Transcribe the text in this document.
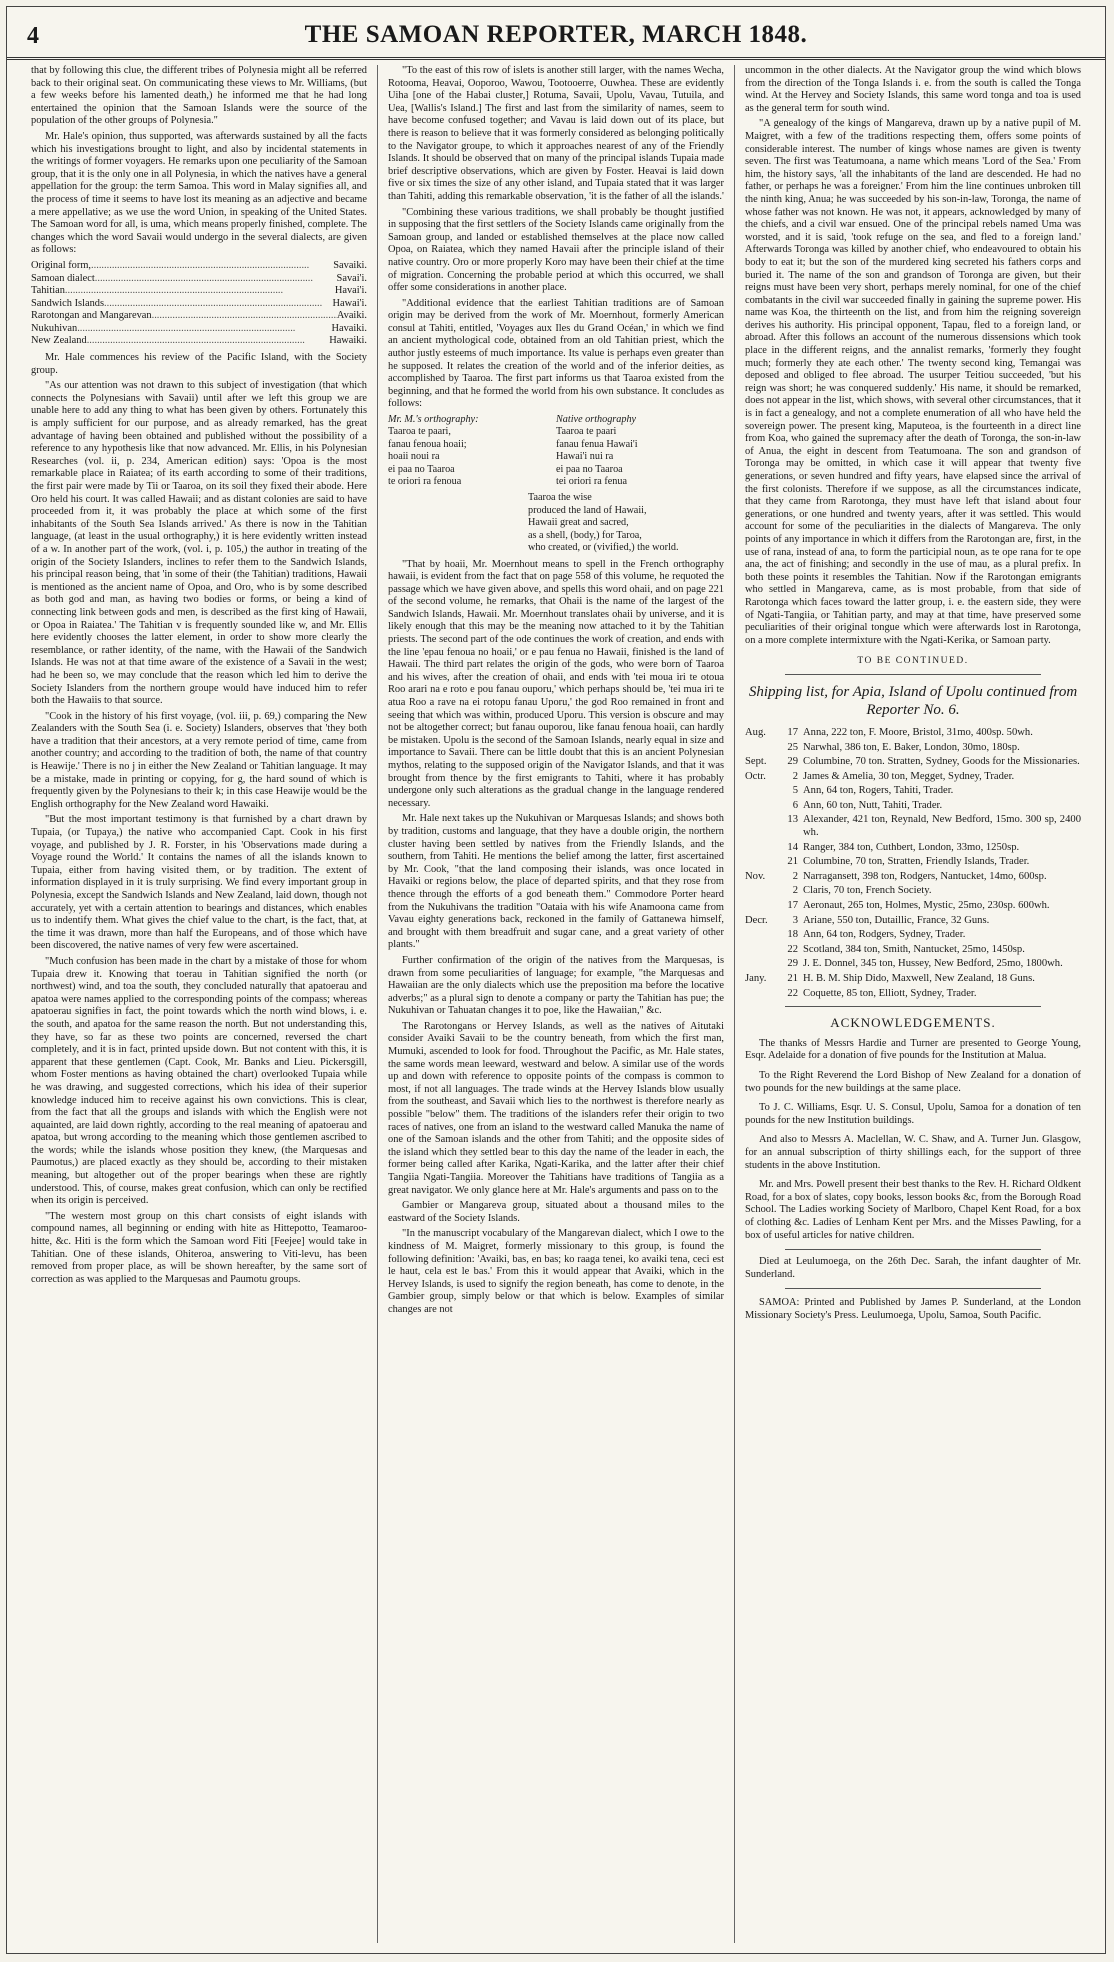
4	THE SAMOAN REPORTER, MARCH 1848.

that by following this clue, the different tribes of Polynesia might all be referred back to their original seat. On communicating these views to Mr. Williams, (but a few weeks before his lamented death,) he informed me that he had long entertained the opinion that the Samoan Islands were the source of the population of the other groups of Polynesia."

Mr. Hale's opinion, thus supported, was afterwards sustained by all the facts which his investigations brought to light, and also by incidental statements in the writings of former voyagers. He remarks upon one peculiarity of the Samoan group, that it is the only one in all Polynesia, in which the natives have a general appellation for the group: the term Samoa. This word in Malay signifies all, and the process of time it seems to have lost its meaning as an adjective and became a mere appellative; as we use the word Union, in speaking of the United States. The Samoan word for all, is uma, which means properly finished, complete. The changes which the word Savaii would undergo in the several dialects, are given as follows:

Original form, .....	Savaiki.
Samoan dialect .....	Savai'i.
Tahitian .....	Havai'i.
Sandwich Islands .....	Hawai'i.
Rarotongan and Mangarevan .....	Avaiki.
Nukuhivan .....	Havaiki.
New Zealand .....	Hawaiki.

Mr. Hale commences his review of the Pacific Island, with the Society group.

"As our attention was not drawn to this subject of investigation (that which connects the Polynesians with Savaii) until after we left this group we are unable here to add any thing to what has been given by others. Fortunately this is amply sufficient for our purpose, and as already remarked, has the great advantage of having been obtained and published without the possibility of a reference to any hypothesis like that now advanced. Mr. Ellis, in his Polynesian Researches (vol. ii, p. 234, American edition) says: 'Opoa is the most remarkable place in Raiatea; of its earth according to some of their traditions, the first pair were made by Tii or Taaroa, on its soil they fixed their abode. Here Oro held his court. It was called Hawaii; and as distant colonies are said to have proceeded from it, it was probably the place at which some of the first inhabitants of the South Sea Islands arrived.' As there is now in the Tahitian language, (at least in the usual orthography,) it is here evidently written instead of a w. In another part of the work, (vol. i, p. 105,) the author in treating of the origin of the Society Islanders, inclines to refer them to the Sandwich Islands, his principal reason being, that 'in some of their (the Tahitian) traditions, Hawaii is mentioned as the ancient name of Opoa, and Oro, who is by some described as both god and man, as having two bodies or forms, or being a kind of connecting link between gods and men, is described as the first king of Hawaii, or Opoa in Raiatea.' The Tahitian v is frequently sounded like w, and Mr. Ellis here evidently chooses the latter element, in order to show more clearly the resemblance, or rather identity, of the name, with the Hawaii of the Sandwich Islands. He was not at that time aware of the existence of a Savaii in the west; had he been so, we may conclude that the reason which led him to derive the Society Islanders from the northern groupe would have induced him to refer both the Hawaiis to that source.

"Cook in the history of his first voyage, (vol. iii, p. 69,) comparing the New Zealanders with the South Sea (i. e. Society) Islanders, observes that 'they both have a tradition that their ancestors, at a very remote period of time, came from another country; and according to the tradition of both, the name of that country is Heawije.' There is no j in either the New Zealand or Tahitian language. It may be a mistake, made in printing or copying, for g, the hard sound of which is frequently given by the Polynesians to their k; in this case Heawije would be the English orthography for the New Zealand word Hawaiki.

"But the most important testimony is that furnished by a chart drawn by Tupaia, (or Tupaya,) the native who accompanied Capt. Cook in his first voyage, and published by J. R. Forster, in his 'Observations made during a Voyage round the World.' It contains the names of all the islands known to Tupaia, either from having visited them, or by tradition. The extent of information displayed in it is truly surprising. We find every important group in Polynesia, except the Sandwich Islands and New Zealand, laid down, though not accurately, yet with a certain attention to bearings and distances, which enables us to indentify them. What gives the chief value to the chart, is the fact, that, at the time it was drawn, more than half the Europeans, and of those which have been discovered, the native names of very few were ascertained.

"Much confusion has been made in the chart by a mistake of those for whom Tupaia drew it. Knowing that toerau in Tahitian signified the north (or northwest) wind, and toa the south, they concluded naturally that apatoerau and apatoa were names applied to the corresponding points of the compass; whereas apatoerau signifies in fact, the point towards which the north wind blows, i. e. the south, and apatoa for the same reason the north. But not understanding this, they have, so far as these two points are concerned, reversed the chart completely, and it is in fact, printed upside down. But not content with this, it is apparent that these gentlemen (Capt. Cook, Mr. Banks and Lieu. Pickersgill, whom Foster mentions as having obtained the chart) overlooked Tupaia while he was drawing, and suggested corrections, which his idea of their superior knowledge induced him to receive against his own convictions. This is clear, from the fact that all the groups and islands with which the English were not aquainted, are laid down rightly, according to the real meaning of apatoerau and apatoa, but wrong according to the meaning which those gentlemen ascribed to the words; while the islands whose position they knew, (the Marquesas and Paumotus,) are placed exactly as they should be, according to their mistaken meaning, but altogether out of the proper bearings when these are rightly understood. This, of course, makes great confusion, which can only be rectified when its origin is perceived.

"The western most group on this chart consists of eight islands with compound names, all beginning or ending with hite as Hittepotto, Teamaroo-hitte, &c. Hiti is the form which the Samoan word Fiti [Feejee] would take in Tahitian. One of these islands, Ohiteroa, answering to Viti-levu, has been removed from proper place, as will be shown hereafter, by the same sort of correction as was applied to the Marquesas and Paumotu groups.

"To the east of this row of islets is another still larger, with the names Wecha, Rotooma, Heavai, Ooporoo, Wawou, Tootooerre, Ouwhea. These are evidently Uiha [one of the Habai cluster,] Rotuma, Savaii, Upolu, Vavau, Tutuila, and Uea, [Wallis's Island.] The first and last from the similarity of names, seem to have become confused together; and Vavau is laid down out of its place, but there is reason to believe that it was formerly considered as belonging politically to the Navigator groupe, to which it approaches nearest of any of the Friendly Islands. It should be observed that on many of the principal islands Tupaia made brief descriptive observations, which are given by Foster. Heavai is laid down five or six times the size of any other island, and Tupaia stated that it was larger than Tahiti, adding this remarkable observation, 'it is the father of all the islands.'

"Combining these various traditions, we shall probably be thought justified in supposing that the first settlers of the Society Islands came originally from the Samoan group, and landed or established themselves at the place now called Opoa, on Raiatea, which they named Havaii after the principle island of their native country. Oro or more properly Koro may have been their chief at the time of migration. Concerning the probable period at which this occurred, we shall offer some considerations in another place.

"Additional evidence that the earliest Tahitian traditions are of Samoan origin may be derived from the work of Mr. Moernhout, formerly American consul at Tahiti, entitled, 'Voyages aux Iles du Grand Océan,' in which we find an ancient mythological code, obtained from an old Tahitian priest, which the author justly esteems of much importance. Its value is perhaps even greater than he supposed. It relates the creation of the world and of the inferior deities, as accomplished by Taaroa. The first part informs us that Taaroa existed from the beginning, and that he formed the world from his own substance. It concludes as follows:

Mr. M.'s orthography:	Native orthography
Taaroa te paari,	Taaroa te paari
fanau fenoua hoaii;	fanau fenua Hawai'i
hoaii noui ra	Hawai'i nui ra
ei paa no Taaroa	ei paa no Taaroa
te oriori ra fenoua	tei oriori ra fenua
Taaroa the wise
produced the land of Hawaii,
Hawaii great and sacred,
as a shell, (body,) for Taroa,
who created, or (vivified,) the world.

"That by hoaii, Mr. Moernhout means to spell in the French orthography hawaii, is evident from the fact that on page 558 of this volume, he requoted the passage which we have given above, and spells this word ohaii, and on page 221 of the second volume, he remarks, that Ohaii is the name of the largest of the Sandwich Islands, Hawaii. Mr. Moernhout translates ohaii by universe, and it is likely enough that this may be the meaning now attached to it by the Tahitian priests. The second part of the ode continues the work of creation, and ends with the line 'epau fenoua no hoaii,' or e pau fenua no Hawaii, finished is the land of Hawaii. The third part relates the origin of the gods, who were born of Taaroa and his wives, after the creation of ohaii, and ends with 'tei moua iri te otoua Roo arari na e roto e pou fanau ouporu,' which perhaps should be, 'tei mua iri te atua Roo a rave na ei rotopu fanau Uporu,' the god Roo remained in front and seeing that which was within, produced Uporu. This version is obscure and may not be altogether correct; but fanau ouporou, like fanau fenoua hoaii, can hardly be mistaken. Upolu is the second of the Samoan Islands, nearly equal in size and importance to Savaii. There can be little doubt that this is an ancient Polynesian mythos, relating to the supposed origin of the Navigator Islands, and that it was brought from thence by the first emigrants to Tahiti, where it has probably undergone only such alterations as the gradual change in the language rendered necessary.

Mr. Hale next takes up the Nukuhivan or Marquesas Islands; and shows both by tradition, customs and language, that they have a double origin, the northern cluster having been settled by natives from the Friendly Islands, and the southern, from Tahiti. He mentions the belief among the latter, first ascertained by Mr. Cook, "that the land composing their islands, was once located in Havaiki or regions below, the place of departed spirits, and that they rose from thence through the efforts of a god beneath them." Commodore Porter heard from the Nukuhivans the tradition "Oataia with his wife Anamoona came from Vavau eighty generations back, reckoned in the family of Gattanewa himself, and brought with them breadfruit and sugar cane, and a great variety of other plants."

Further confirmation of the origin of the natives from the Marquesas, is drawn from some peculiarities of language; for example, "the Marquesas and Hawaiian are the only dialects which use the preposition ma before the locative adverbs;" as a plural sign to denote a company or party the Tahitian has pue; the Nukuhivan or Tahuatan changes it to poe, like the Hawaiian," &c.

The Rarotongans or Hervey Islands, as well as the natives of Aitutaki consider Avaiki Savaii to be the country beneath, from which the first man, Mumuki, ascended to look for food. Throughout the Pacific, as Mr. Hale states, the same words mean leeward, westward and below. A similar use of the words up and down with reference to opposite points of the compass is common to most, if not all languages. The trade winds at the Hervey Islands blow usually from the southeast, and Savaii which lies to the northwest is therefore nearly as possible "below" them. The traditions of the islanders refer their origin to two races of natives, one from an island to the westward called Manuka the name of one of the Samoan islands and the other from Tahiti; and the opposite sides of the island which they settled bear to this day the name of the leader in each, the former being called after Karika, Ngati-Karika, and the latter after their chief Tangiia Ngati-Tangiia. Moreover the Tahitians have traditions of Tangiia as a great navigator. We only glance here at Mr. Hale's arguments and pass on to the

Gambier or Mangareva group, situated about a thousand miles to the eastward of the Society Islands.

"In the manuscript vocabulary of the Mangarevan dialect, which I owe to the kindness of M. Maigret, formerly missionary to this group, is found the following definition: 'Avaiki, bas, en bas; ko raaga tenei, ko avaiki tena, ceci est le haut, cela est le bas.' From this it would appear that Avaiki, which in the Hervey Islands, is used to signify the region beneath, has come to denote, in the Gambier group, simply below or that which is below. Examples of similar changes are not

uncommon in the other dialects. At the Navigator group the wind which blows from the direction of the Tonga Islands i. e. from the south is called the Tonga wind. At the Hervey and Society Islands, this same word tonga and toa is used as the general term for south wind.

"A genealogy of the kings of Mangareva, drawn up by a native pupil of M. Maigret, with a few of the traditions respecting them, offers some points of considerable interest. The number of kings whose names are given is twenty seven. The first was Teatumoana, a name which means 'Lord of the Sea.' From him, the history says, 'all the inhabitants of the land are descended. He had no father, or perhaps he was a foreigner.' From him the line continues unbroken till the ninth king, Anua; he was succeeded by his son-in-law, Toronga, the name of whose father was not known. He was not, it appears, acknowledged by many of the chiefs, and a civil war ensued. One of the principal rebels named Uma was worsted, and it is said, 'took refuge on the sea, and fled to a foreign land.' Afterwards Toronga was killed by another chief, who endeavoured to obtain his body to eat it; but the son of the murdered king secreted his fathers corps and buried it. The name of the son and grandson of Toronga are given, but their reigns must have been very short, perhaps merely nominal, for one of the chief combatants in the civil war succeeded finally in gaining the supreme power. His name was Koa, the thirteenth on the list, and from him the reigning sovereign derives his authority. His principal opponent, Tapau, fled to a foreign land, or abroad. After this follows an account of the numerous dissensions which took place in the different reigns, and the annalist remarks, 'formerly they fought much; formerly they ate each other.' The twenty second king, Temangai was deposed and obliged to flee abroad. The usurper Teitiou succeeded, 'but his reign was short; he was conquered suddenly.' His name, it should be remarked, does not appear in the list, which shows, with several other circumstances, that it is in fact a genealogy, and not a complete enumeration of all who have held the sovereign power. The present king, Maputeoa, is the fourteenth in a direct line from Koa, who gained the supremacy after the death of Toronga, the son-in-law of Anua, the eight in descent from Teatumoana. The son and grandson of Toronga may be omitted, in which case it will appear that twenty five generations, or seven hundred and fifty years, have elapsed since the arrival of the first colonists. Therefore if we suppose, as all the circumstances indicate, that they came from Rarotonga, they must have left that island about four generations, or one hundred and twenty years, after it was settled. This would account for some of the peculiarities in the dialects of Mangareva. The only points of any importance in which it differs from the Rarotongan are, first, in the use of rana, instead of ana, to form the participial noun, as te ope rana for te ope ana, the act of finishing; and secondly in the use of mau, as a plural prefix. In both these points it resembles the Tahitian. Now if the Rarotongan emigrants who settled in Mangareva, came, as is most probable, from that side of Rarotonga which faces toward the latter group, i. e. the eastern side, they were of Ngati-Tangiia, or Tahitian party, and may at that time, have preserved some peculiarities of their original tongue which were afterwards lost in Rarotonga, on a more complete intermixture with the Ngati-Kerika, or Samoan party.

TO BE CONTINUED.
Shipping list, for Apia, Island of Upolu continued from Reporter No. 6.
Aug.	17 Anna, 222 ton, F. Moore, Bristol, 31mo, 400sp. 50wh.
25 Narwhal, 386 ton, E. Baker, London, 30mo, 180sp.
Sept.	29 Columbine, 70 ton. Stratten, Sydney, Goods for the Missionaries.
Octr.	2 James & Amelia, 30 ton, Megget, Sydney, Trader.
5 Ann, 64 ton, Rogers, Tahiti, Trader.
6 Ann, 60 ton, Nutt, Tahiti, Trader.
13 Alexander, 421 ton, Reynald, New Bedford, 15mo. 300 sp, 2400 wh.
14 Ranger, 384 ton, Cuthbert, London, 33mo, 1250sp.
21 Columbine, 70 ton, Stratten, Friendly Islands, Trader.
Nov.	2 Narragansett, 398 ton, Rodgers, Nantucket, 14mo, 600sp.
2 Claris, 70 ton, French Society.
17 Aeronaut, 265 ton, Holmes, Mystic, 25mo, 230sp. 600wh.
Decr.	3 Ariane, 550 ton, Dutaillic, France, 32 Guns.
18 Ann, 64 ton, Rodgers, Sydney, Trader.
22 Scotland, 384 ton, Smith, Nantucket, 25mo, 1450sp.
29 J. E. Donnel, 345 ton, Hussey, New Bedford, 25mo, 1800wh.
Jany.	21 H. B. M. Ship Dido, Maxwell, New Zealand, 18 Guns.
22 Coquette, 85 ton, Elliott, Sydney, Trader.
ACKNOWLEDGEMENTS.

The thanks of Messrs Hardie and Turner are presented to George Young, Esqr. Adelaide for a donation of five pounds for the Institution at Malua.

To the Right Reverend the Lord Bishop of New Zealand for a donation of two pounds for the new buildings at the same place.

To J. C. Williams, Esqr. U. S. Consul, Upolu, Samoa for a donation of ten pounds for the new Institution buildings.

And also to Messrs A. Maclellan, W. C. Shaw, and A. Turner Jun. Glasgow, for an annual subscription of thirty shillings each, for the support of three students in the above Institution.

Mr. and Mrs. Powell present their best thanks to the Rev. H. Richard Oldkent Road, for a box of slates, copy books, lesson books &c, from the Borough Road School. The Ladies working Society of Marlboro, Chapel Kent Road, for a box of clothing &c. Ladies of Lenham Kent per Mrs. and the Misses Pawling, for a box of useful articles for native children.

Died at Leulumoega, on the 26th Dec. Sarah, the infant daughter of Mr. Sunderland.

SAMOA: Printed and Published by James P. Sunderland, at the London Missionary Society's Press. Leulumoega, Upolu, Samoa, South Pacific.
